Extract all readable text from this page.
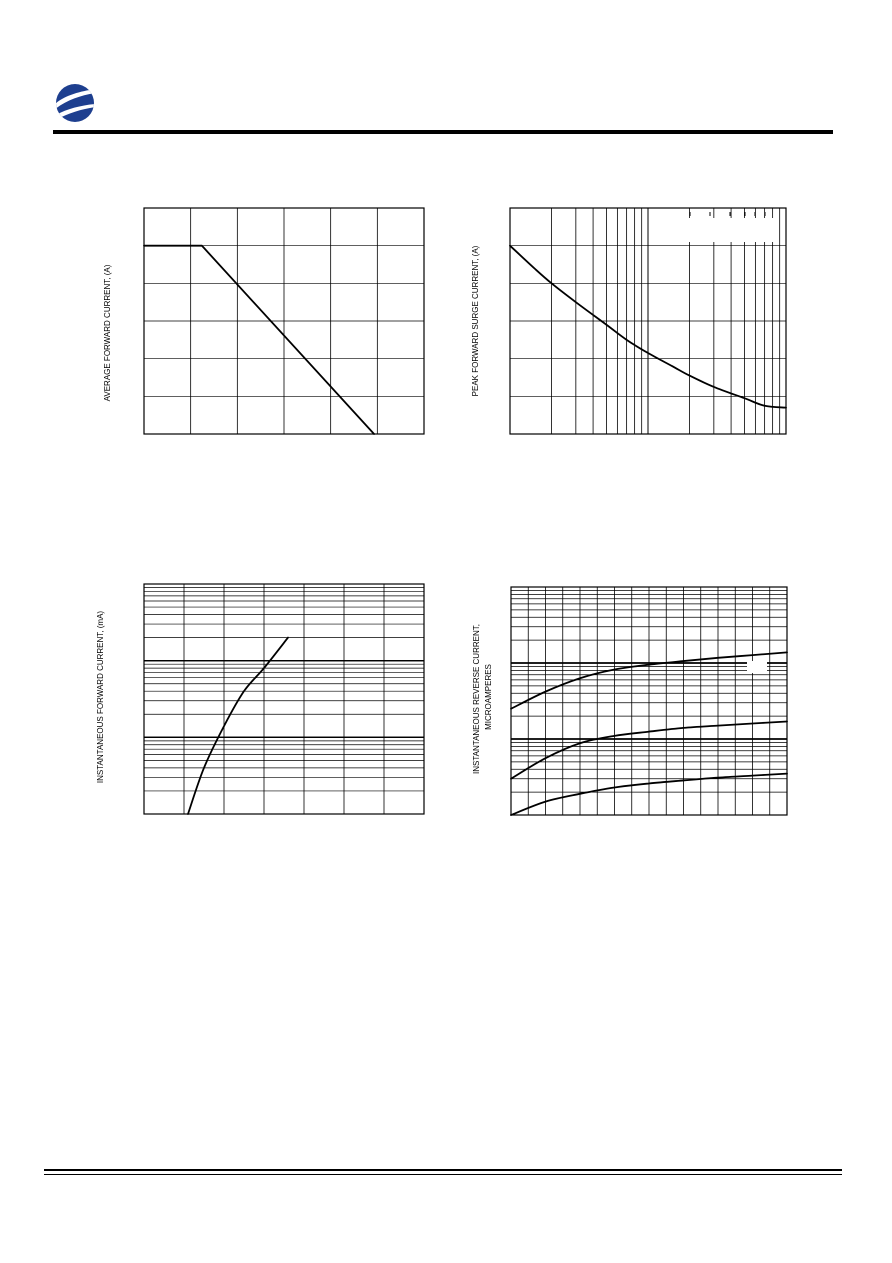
AVERAGE FORWARD CURRENT, (A)	PEAK FORWARD SURGE CURRENT, (A)
INSTANTANEOUS FORWARD CURRENT, (mA)	INSTANTANEOUS REVERSE CURRENT, MICROAMPERES
